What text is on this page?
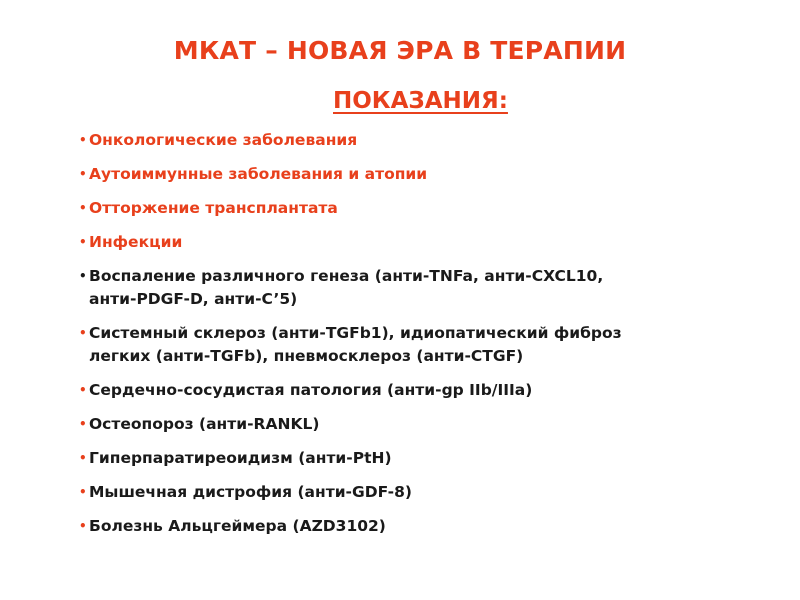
МКАТ – НОВАЯ ЭРА В ТЕРАПИИ
ПОКАЗАНИЯ:
• Онкологические заболевания
• Аутоиммунные заболевания и атопии
• Отторжение трансплантата
• Инфекции
• Воспаление различного генеза (анти-TNFa, анти-CXCL10,
анти-PDGF-D, анти-C’5)
• Системный склероз (анти-TGFb1), идиопатический фиброз
легких (анти-TGFb), пневмосклероз (анти-CTGF)
• Сердечно-сосудистая патология (анти-gp IIb/IIIa)
• Остеопороз (анти-RANKL)
• Гиперпаратиреоидизм (анти-PtH)
• Мышечная дистрофия (анти-GDF-8)
• Болезнь Альцгеймера (AZD3102)
